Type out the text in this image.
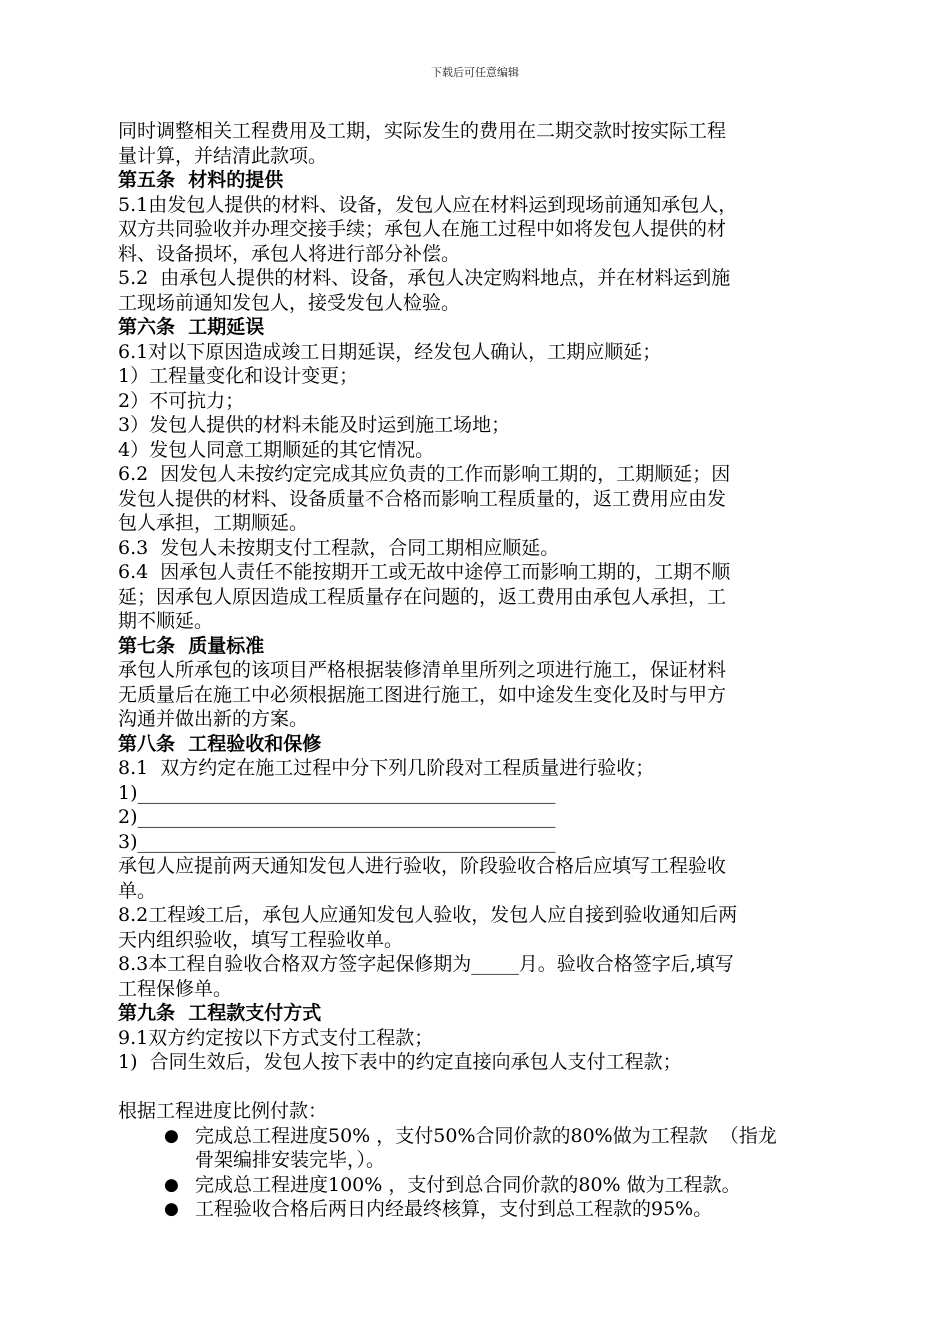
下载后可任意编辑
同时调整相关工程费用及工期，实际发生的费用在二期交款时按实际工程
量计算，并结清此款项。
第五条  材料的提供
5.1由发包人提供的材料、设备，发包人应在材料运到现场前通知承包人，
双方共同验收并办理交接手续；承包人在施工过程中如将发包人提供的材
料、设备损坏，承包人将进行部分补偿。
5.2  由承包人提供的材料、设备，承包人决定购料地点，并在材料运到施
工现场前通知发包人，接受发包人检验。
第六条  工期延误
6.1对以下原因造成竣工日期延误，经发包人确认，工期应顺延；
1）工程量变化和设计变更；
2）不可抗力；
3）发包人提供的材料未能及时运到施工场地；
4）发包人同意工期顺延的其它情况。
6.2  因发包人未按约定完成其应负责的工作而影响工期的，工期顺延；因
发包人提供的材料、设备质量不合格而影响工程质量的，返工费用应由发
包人承担，工期顺延。
6.3  发包人未按期支付工程款，合同工期相应顺延。
6.4  因承包人责任不能按期开工或无故中途停工而影响工期的，工期不顺
延；因承包人原因造成工程质量存在问题的，返工费用由承包人承担，工
期不顺延。
第七条  质量标准
承包人所承包的该项目严格根据装修清单里所列之项进行施工，保证材料
无质量后在施工中必须根据施工图进行施工，如中途发生变化及时与甲方
沟通并做出新的方案。
第八条  工程验收和保修
8.1  双方约定在施工过程中分下列几阶段对工程质量进行验收；
1)____________________________________________
2)____________________________________________
3)____________________________________________
承包人应提前两天通知发包人进行验收，阶段验收合格后应填写工程验收
单。
8.2工程竣工后，承包人应通知发包人验收，发包人应自接到验收通知后两
天内组织验收，填写工程验收单。
8.3本工程自验收合格双方签字起保修期为_____月。验收合格签字后,填写
工程保修单。
第九条  工程款支付方式
9.1双方约定按以下方式支付工程款；
1)  合同生效后，发包人按下表中的约定直接向承包人支付工程款；
根据工程进度比例付款：
● 完成总工程进度50% ，支付50%合同价款的80%做为工程款  （指龙
骨架编排安装完毕，）。
● 完成总工程进度100% ，支付到总合同价款的80% 做为工程款。
● 工程验收合格后两日内经最终核算，支付到总工程款的95%。
